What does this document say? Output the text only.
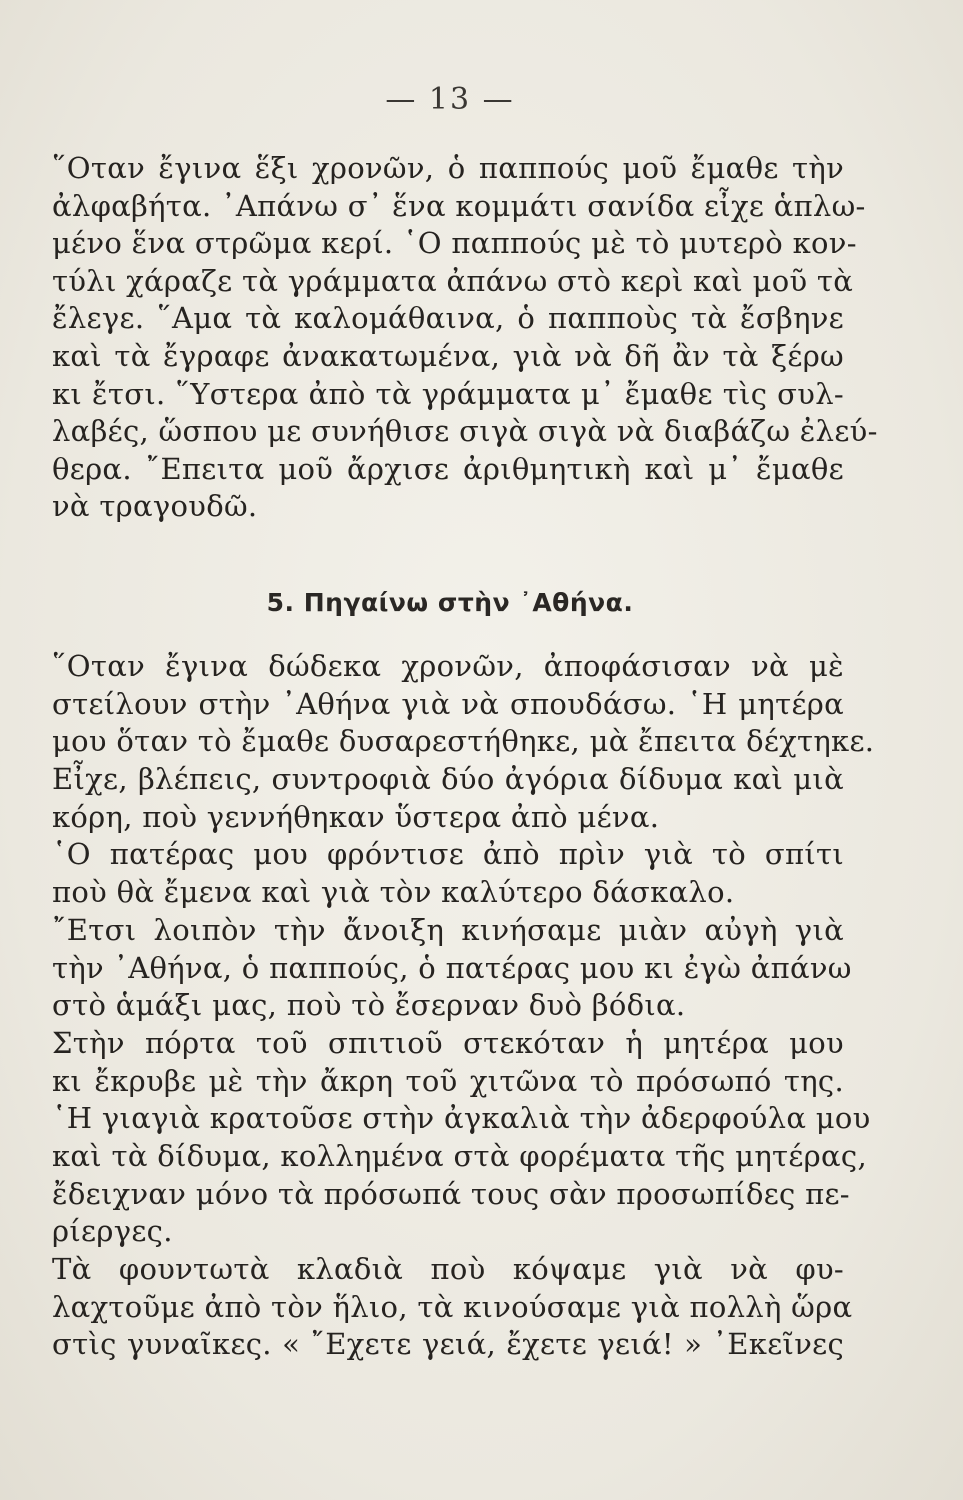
— 13 —
῞Οταν ἔγινα ἕξι χρονῶν, ὁ παππούς μοῦ ἔμαθε τὴν
ἀλφαβήτα. ᾿Απάνω σ᾿ ἕνα κομμάτι σανίδα εἶχε ἁπλω-
μένο ἕνα στρῶμα κερί. ῾Ο παππούς μὲ τὸ μυτερὸ κον-
τύλι χάραζε τὰ γράμματα ἀπάνω στὸ κερὶ καὶ μοῦ τὰ
ἔλεγε. ῞Αμα τὰ καλομάθαινα, ὁ παπποὺς τὰ ἔσβηνε
καὶ τὰ ἔγραφε ἀνακατωμένα, γιὰ νὰ δῆ ἂν τὰ ξέρω
κι ἔτσι. ῞Υστερα ἀπὸ τὰ γράμματα μ᾿ ἔμαθε τὶς συλ-
λαβές, ὥσπου με συνήθισε σιγὰ σιγὰ νὰ διαβάζω ἐλεύ-
θερα. ῎Επειτα μοῦ ἄρχισε ἀριθμητικὴ καὶ μ᾿ ἔμαθε
νὰ τραγουδῶ.
5. Πηγαίνω στὴν ᾿Αθήνα.
῞Οταν ἔγινα δώδεκα χρονῶν, ἀποφάσισαν νὰ μὲ
στείλουν στὴν ᾿Αθήνα γιὰ νὰ σπουδάσω. ῾Η μητέρα
μου ὅταν τὸ ἔμαθε δυσαρεστήθηκε, μὰ ἔπειτα δέχτηκε.
Εἶχε, βλέπεις, συντροφιὰ δύο ἀγόρια δίδυμα καὶ μιὰ
κόρη, ποὺ γεννήθηκαν ὕστερα ἀπὸ μένα.
῾Ο πατέρας μου φρόντισε ἀπὸ πρὶν γιὰ τὸ σπίτι
ποὺ θὰ ἔμενα καὶ γιὰ τὸν καλύτερο δάσκαλο.
῎Ετσι λοιπὸν τὴν ἄνοιξη κινήσαμε μιὰν αὐγὴ γιὰ
τὴν ᾿Αθήνα, ὁ παππούς, ὁ πατέρας μου κι ἐγὼ ἀπάνω
στὸ ἁμάξι μας, ποὺ τὸ ἔσερναν δυὸ βόδια.
Στὴν πόρτα τοῦ σπιτιοῦ στεκόταν ἡ μητέρα μου
κι ἔκρυβε μὲ τὴν ἄκρη τοῦ χιτῶνα τὸ πρόσωπό της.
῾Η γιαγιὰ κρατοῦσε στὴν ἀγκαλιὰ τὴν ἀδερφούλα μου
καὶ τὰ δίδυμα, κολλημένα στὰ φορέματα τῆς μητέρας,
ἔδειχναν μόνο τὰ πρόσωπά τους σὰν προσωπίδες πε-
ρίεργες.
Τὰ φουντωτὰ κλαδιὰ ποὺ κόψαμε γιὰ νὰ φυ-
λαχτοῦμε ἀπὸ τὸν ἥλιο, τὰ κινούσαμε γιὰ πολλὴ ὥρα
στὶς γυναῖκες. « ῎Εχετε γειά, ἔχετε γειά! » ᾿Εκεῖνες
